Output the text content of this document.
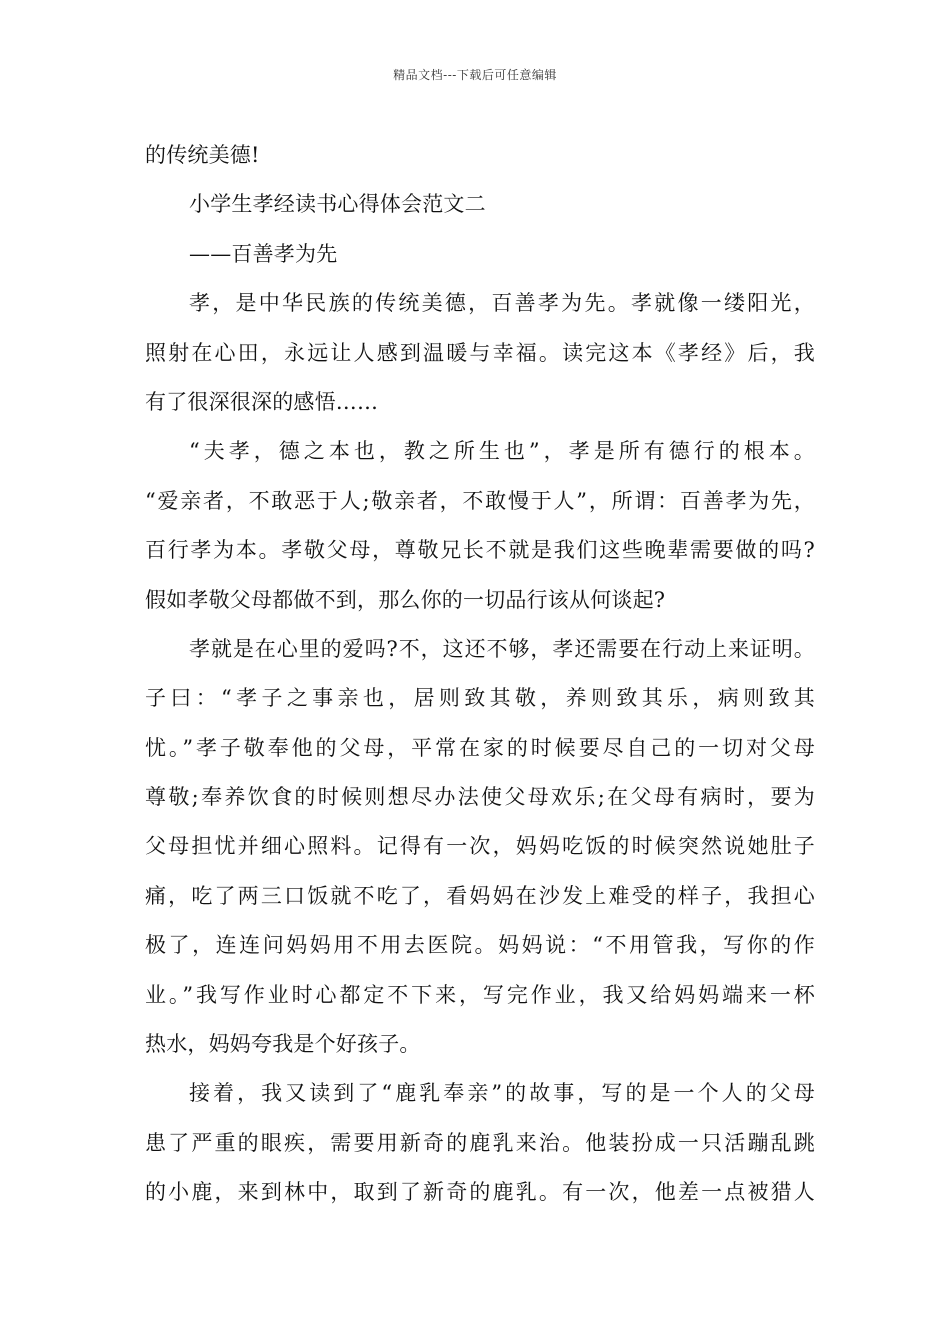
精品文档---下载后可任意编辑
的传统美德!
小学生孝经读书心得体会范文二
——百善孝为先
孝，是中华民族的传统美德，百善孝为先。孝就像一缕阳光，
照射在心田，永远让人感到温暖与幸福。读完这本《孝经》后，我
有了很深很深的感悟……
“夫孝，德之本也，教之所生也”，孝是所有德行的根本。
“爱亲者，不敢恶于人;敬亲者，不敢慢于人”，所谓：百善孝为先，
百行孝为本。孝敬父母，尊敬兄长不就是我们这些晚辈需要做的吗?
假如孝敬父母都做不到，那么你的一切品行该从何谈起?
孝就是在心里的爱吗?不，这还不够，孝还需要在行动上来证明。
子曰：“孝子之事亲也，居则致其敬，养则致其乐，病则致其
忧。”孝子敬奉他的父母，平常在家的时候要尽自己的一切对父母
尊敬;奉养饮食的时候则想尽办法使父母欢乐;在父母有病时，要为
父母担忧并细心照料。记得有一次，妈妈吃饭的时候突然说她肚子
痛，吃了两三口饭就不吃了，看妈妈在沙发上难受的样子，我担心
极了，连连问妈妈用不用去医院。妈妈说：“不用管我，写你的作
业。”我写作业时心都定不下来，写完作业，我又给妈妈端来一杯
热水，妈妈夸我是个好孩子。
接着，我又读到了“鹿乳奉亲”的故事，写的是一个人的父母
患了严重的眼疾，需要用新奇的鹿乳来治。他装扮成一只活蹦乱跳
的小鹿，来到林中，取到了新奇的鹿乳。有一次，他差一点被猎人
